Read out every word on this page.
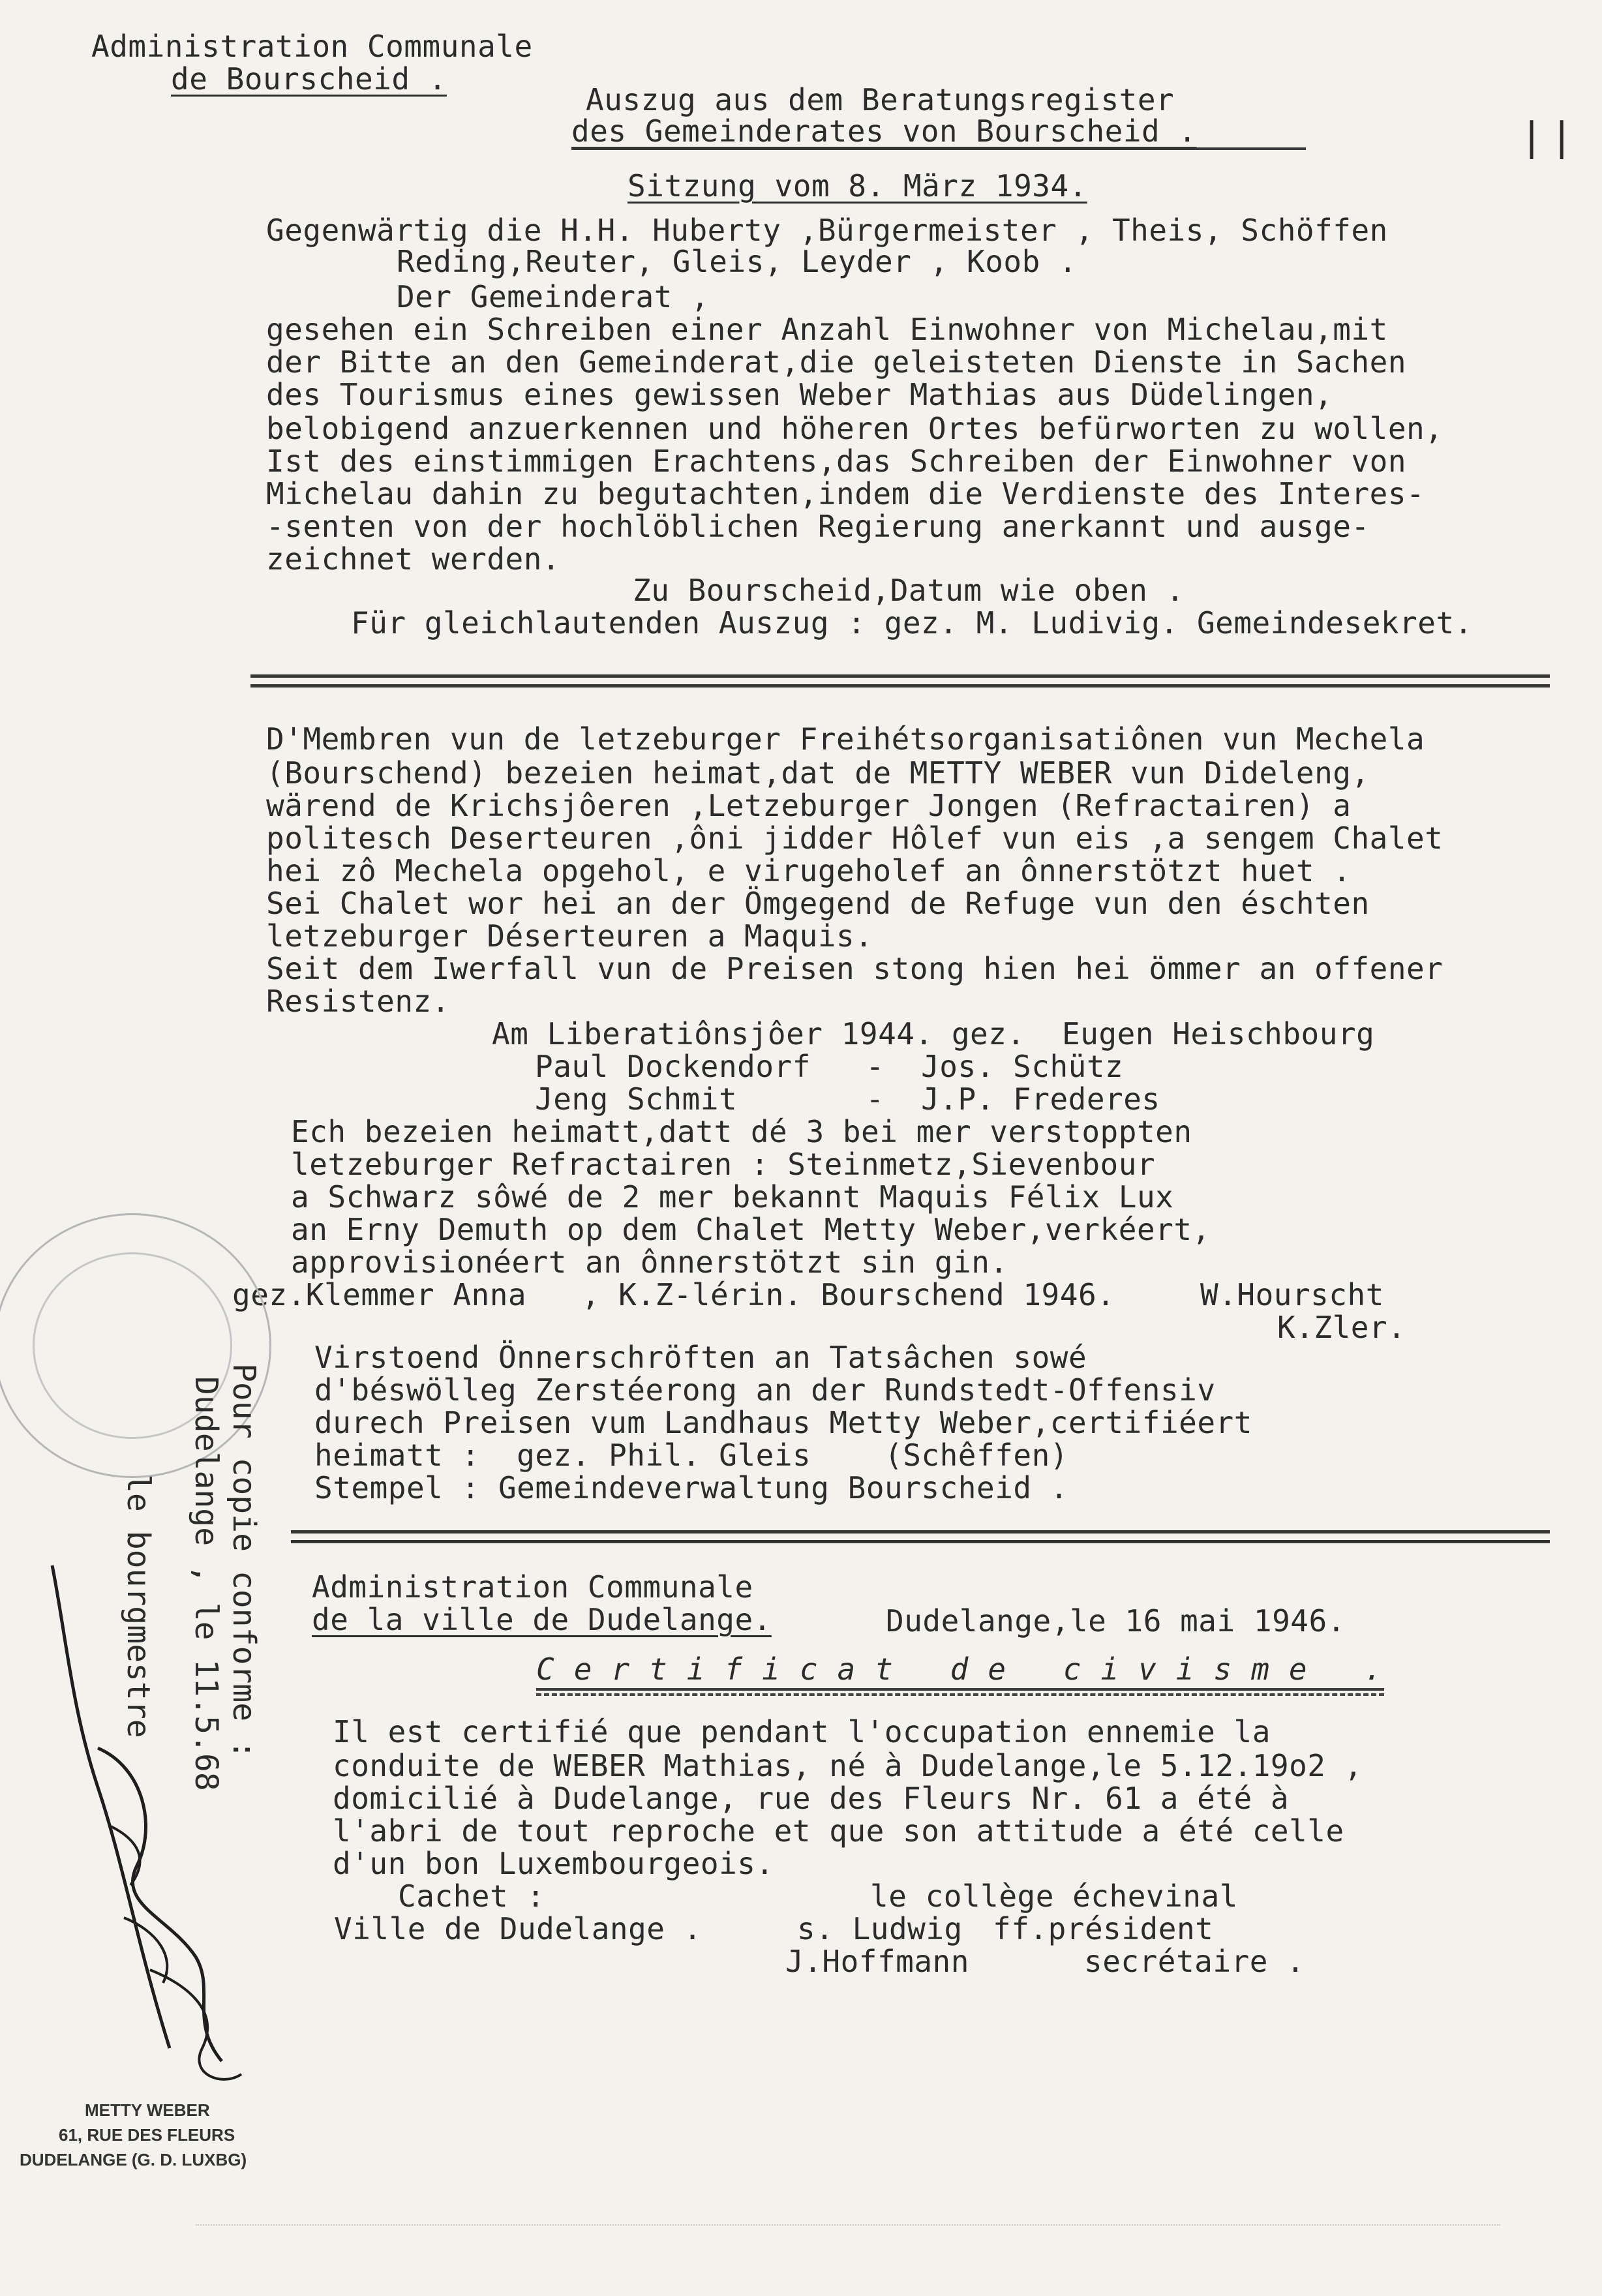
Administration Communale
de Bourscheid .
Auszug aus dem Beratungsregister
des Gemeinderates von Bourscheid .
Sitzung vom 8. März 1934.
||
Gegenwärtig die H.H. Huberty ,Bürgermeister , Theis, Schöffen
Reding,Reuter, Gleis, Leyder , Koob .
Der Gemeinderat ,
gesehen ein Schreiben einer Anzahl Einwohner von Michelau,mit
der Bitte an den Gemeinderat,die geleisteten Dienste in Sachen
des Tourismus eines gewissen Weber Mathias aus Düdelingen,
belobigend anzuerkennen und höheren Ortes befürworten zu wollen,
Ist des einstimmigen Erachtens,das Schreiben der Einwohner von
Michelau dahin zu begutachten,indem die Verdienste des Interes-
-senten von der hochlöblichen Regierung anerkannt und ausge-
zeichnet werden.
Zu Bourscheid,Datum wie oben .
Für gleichlautenden Auszug : gez. M. Ludivig. Gemeindesekret.
D'Membren vun de letzeburger Freihétsorganisatiônen vun Mechela
(Bourschend) bezeien heimat,dat de METTY WEBER vun Dideleng,
wärend de Krichsjôeren ,Letzeburger Jongen (Refractairen) a
politesch Deserteuren ,ôni jidder Hôlef vun eis ,a sengem Chalet
hei zô Mechela opgehol, e virugeholef an ônnerstötzt huet .
Sei Chalet wor hei an der Ömgegend de Refuge vun den éschten
letzeburger Déserteuren a Maquis.
Seit dem Iwerfall vun de Preisen stong hien hei ömmer an offener
Resistenz.
Am Liberatiônsjôer 1944. gez.  Eugen Heischbourg
Paul Dockendorf   -  Jos. Schütz
Jeng Schmit       -  J.P. Frederes
Ech bezeien heimatt,datt dé 3 bei mer verstoppten
letzeburger Refractairen : Steinmetz,Sievenbour
a Schwarz sôwé de 2 mer bekannt Maquis Félix Lux
an Erny Demuth op dem Chalet Metty Weber,verkéert,
approvisionéert an ônnerstötzt sin gin.
gez.Klemmer Anna   , K.Z-lérin. Bourschend 1946.	W.Hourscht
K.Zler.
Virstoend Önnerschröften an Tatsâchen sowé
d'béswölleg Zerstéerong an der Rundstedt-Offensiv
durech Preisen vum Landhaus Metty Weber,certifiéert
heimatt :  gez. Phil. Gleis    (Schêffen)
Stempel : Gemeindeverwaltung Bourscheid .
Administration Communale
de la ville de Dudelange.	Dudelange,le 16 mai 1946.
Certificat de civisme .
Il est certifié que pendant l'occupation ennemie la
conduite de WEBER Mathias, né à Dudelange,le 5.12.19o2 ,
domicilié à Dudelange, rue des Fleurs Nr. 61 a été à
l'abri de tout reproche et que son attitude a été celle
d'un bon Luxembourgeois.
Cachet :
Ville de Dudelange .
le collège échevinal
s. Ludwig ff.président
J.Hoffmann	secrétaire .
Pour copie conforme :
Dudelange , le 11.5.68
le bourgmestre
METTY WEBER
61, RUE DES FLEURS
DUDELANGE (G. D. LUXBG)
